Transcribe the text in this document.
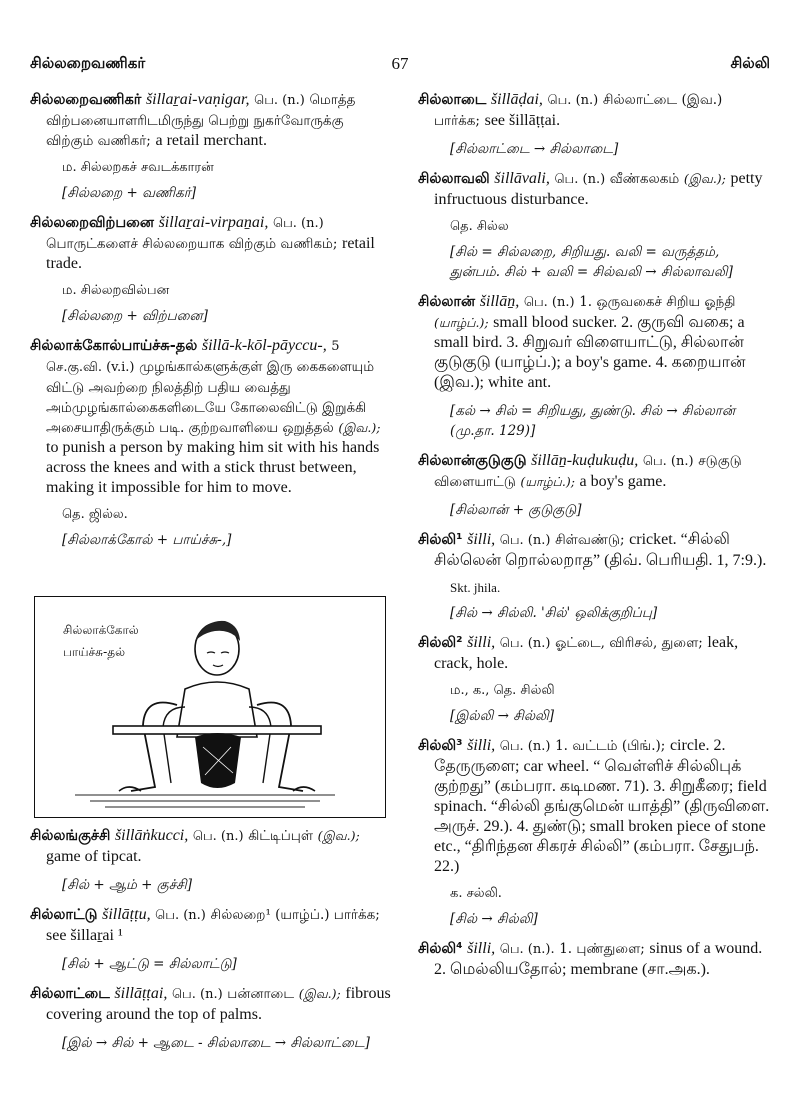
சில்லறைவணிகர்	67	சில்லி
சில்லறைவணிகர் šillaṟai-vaṇigar, பெ. (n.) மொத்த விற்பனையாளரிடமிருந்து பெற்று நுகர்வோருக்கு விற்கும் வணிகர்; a retail merchant.
ம. சில்லறகச் சவடக்காரன்
[சில்லறை + வணிகர்]
சில்லறைவிற்பனை šillaṟai-virpaṉai, பெ. (n.) பொருட்களைச் சில்லறையாக விற்கும் வணிகம்; retail trade.
ம. சில்லறவில்பன
[சில்லறை + விற்பனை]
சில்லாக்கோல்பாய்ச்சு-தல் šillā-k-kōl-pāyccu-, 5 செ.கு.வி. (v.i.) முழங்கால்களுக்குள் இரு கைகளையும் விட்டு அவற்றை நிலத்திற் பதிய வைத்து அம்முழங்கால்கைகளிடையே கோலைவிட்டு இறுக்கி அசையாதிருக்கும் படி. குற்றவாளியை ஒறுத்தல் (இவ.); to punish a person by making him sit with his hands across the knees and with a stick thrust between, making it impossible for him to move.
தெ. ஜில்ல.
[சில்லாக்கோல் + பாய்ச்சு-,]
சில்லாக்கோல்
பாய்ச்சு-தல்
சில்லங்குச்சி šillāṅkucci, பெ. (n.) கிட்டிப்புள் (இவ.); game of tipcat.
[சில் + ஆம் + குச்சி]
சில்லாட்டு šillāṭṭu, பெ. (n.) சில்லறை¹ (யாழ்ப்.) பார்க்க; see šillaṟai ¹
[சில் + ஆட்டு = சில்லாட்டு]
சில்லாட்டை šillāṭṭai, பெ. (n.) பன்னாடை (இவ.); fibrous covering around the top of palms.
[இல் → சில் + ஆடை - சில்லாடை → சில்லாட்டை]
சில்லாடை šillāḍai, பெ. (n.) சில்லாட்டை (இவ.) பார்க்க; see šillāṭṭai.
[சில்லாட்டை → சில்லாடை]
சில்லாவலி šillāvali, பெ. (n.) வீண்கலகம் (இவ.); petty infructuous disturbance.
தெ. சில்ல
[சில் = சில்லறை, சிறியது. வலி = வருத்தம், துன்பம். சில் + வலி = சில்வலி → சில்லாவலி]
சில்லான் šillāṉ, பெ. (n.) 1. ஒருவகைச் சிறிய ஓந்தி (யாழ்ப்.); small blood sucker. 2. குருவி வகை; a small bird. 3. சிறுவர் விளையாட்டு, சில்லான் குடுகுடு (யாழ்ப்.); a boy's game. 4. கறையான் (இவ.); white ant.
[கல் → சில் = சிறியது, துண்டு. சில் → சில்லான் (மு.தா. 129)]
சில்லான்குடுகுடு šillāṉ-kuḍukuḍu, பெ. (n.) சடுகுடு விளையாட்டு (யாழ்ப்.); a boy's game.
[சில்லான் + குடுகுடு]
சில்லி¹ šilli, பெ. (n.) சிள்வண்டு; cricket. “சில்லி சில்லென் றொல்லறாத” (திவ். பெரியதி. 1, 7:9.).
Skt. jhila.
[சில் → சில்லி. 'சில்' ஒலிக்குறிப்பு]
சில்லி² šilli, பெ. (n.) ஓட்டை, விரிசல், துளை; leak, crack, hole.
ம., க., தெ. சில்லி
[இல்லி → சில்லி]
சில்லி³ šilli, பெ. (n.) 1. வட்டம் (பிங்.); circle. 2. தேருருளை; car wheel. “ வெள்ளிச் சில்லிபுக் குற்றது” (கம்பரா. கடிமண. 71). 3. சிறுகீரை; field spinach. “சில்லி தங்குமென் யாத்தி” (திருவிளை. அருச். 29.). 4. துண்டு; small broken piece of stone etc., “திரிந்தன சிகரச் சில்லி” (கம்பரா. சேதுபந். 22.)
க. சல்லி.
[சில் → சில்லி]
சில்லி⁴ šilli, பெ. (n.). 1. புண்துளை; sinus of a wound. 2. மெல்லியதோல்; membrane (சா.அக.).
